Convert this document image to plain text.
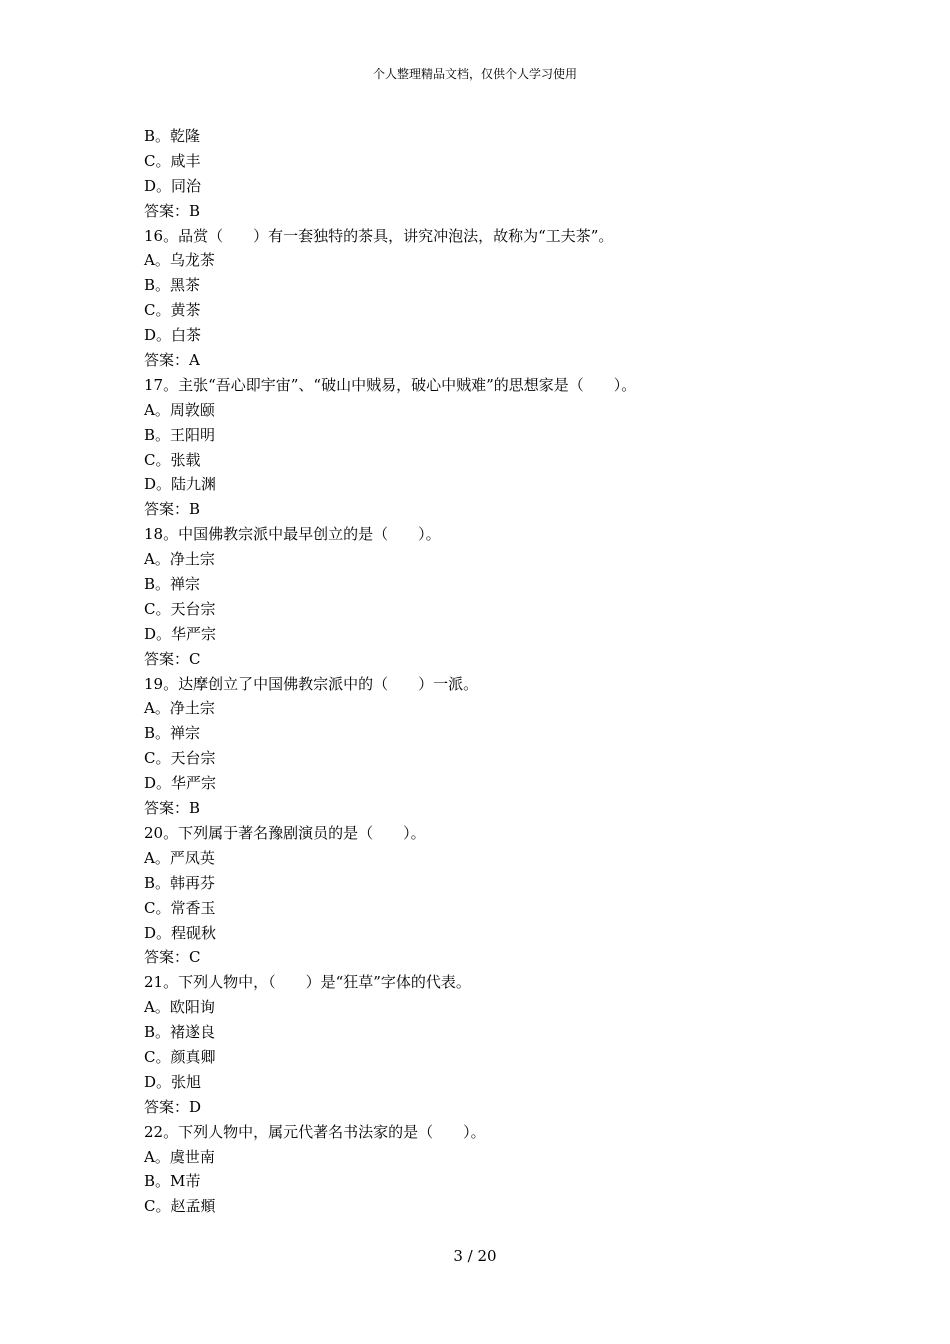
个人整理精品文档，仅供个人学习使用
B。乾隆
C。咸丰
D。同治
答案：B
16。品赏（　　）有一套独特的茶具，讲究冲泡法，故称为“工夫茶”。
A。乌龙茶
B。黑茶
C。黄茶
D。白茶
答案：A
17。主张“吾心即宇宙”、“破山中贼易，破心中贼难”的思想家是（　　）。
A。周敦颐
B。王阳明
C。张载
D。陆九渊
答案：B
18。中国佛教宗派中最早创立的是（　　）。
A。净土宗
B。禅宗
C。天台宗
D。华严宗
答案：C
19。达摩创立了中国佛教宗派中的（　　）一派。
A。净土宗
B。禅宗
C。天台宗
D。华严宗
答案：B
20。下列属于著名豫剧演员的是（　　）。
A。严凤英
B。韩再芬
C。常香玉
D。程砚秋
答案：C
21。下列人物中，（　　）是“狂草”字体的代表。
A。欧阳询
B。褚遂良
C。颜真卿
D。张旭
答案：D
22。下列人物中，属元代著名书法家的是（　　）。
A。虞世南
B。M芾
C。赵孟頫
3 / 20
